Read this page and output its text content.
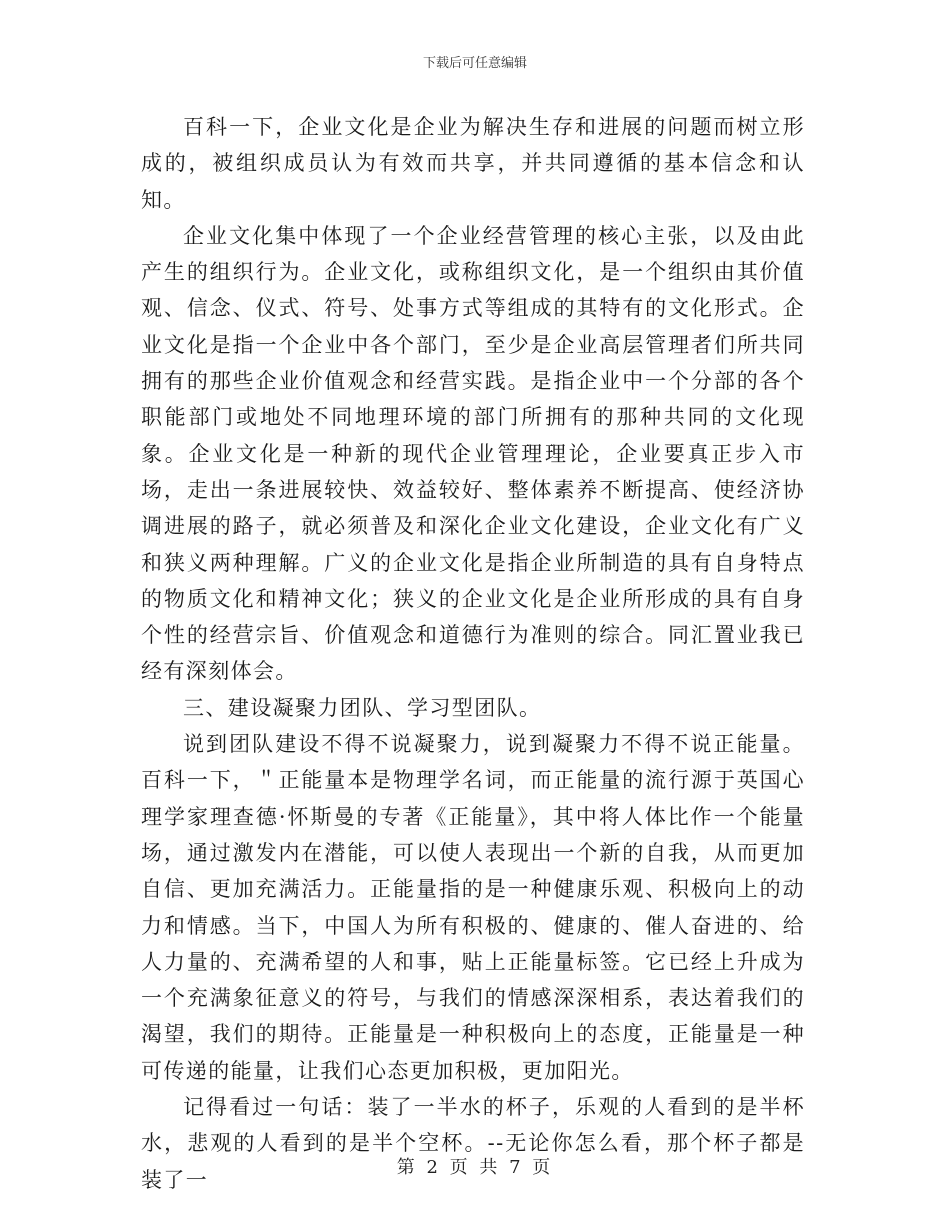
下载后可任意编辑

百科一下，企业文化是企业为解决生存和进展的问题而树立形成的，被组织成员认为有效而共享，并共同遵循的基本信念和认知。

企业文化集中体现了一个企业经营管理的核心主张，以及由此产生的组织行为。企业文化，或称组织文化，是一个组织由其价值观、信念、仪式、符号、处事方式等组成的其特有的文化形式。企业文化是指一个企业中各个部门，至少是企业高层管理者们所共同拥有的那些企业价值观念和经营实践。是指企业中一个分部的各个职能部门或地处不同地理环境的部门所拥有的那种共同的文化现象。企业文化是一种新的现代企业管理理论，企业要真正步入市场，走出一条进展较快、效益较好、整体素养不断提高、使经济协调进展的路子，就必须普及和深化企业文化建设，企业文化有广义和狭义两种理解。广义的企业文化是指企业所制造的具有自身特点的物质文化和精神文化；狭义的企业文化是企业所形成的具有自身个性的经营宗旨、价值观念和道德行为准则的综合。同汇置业我已经有深刻体会。

三、建设凝聚力团队、学习型团队。

说到团队建设不得不说凝聚力，说到凝聚力不得不说正能量。百科一下，＂正能量本是物理学名词，而正能量的流行源于英国心理学家理查德·怀斯曼的专著《正能量》，其中将人体比作一个能量场，通过激发内在潜能，可以使人表现出一个新的自我，从而更加自信、更加充满活力。正能量指的是一种健康乐观、积极向上的动力和情感。当下，中国人为所有积极的、健康的、催人奋进的、给人力量的、充满希望的人和事，贴上正能量标签。它已经上升成为一个充满象征意义的符号，与我们的情感深深相系，表达着我们的渴望，我们的期待。正能量是一种积极向上的态度，正能量是一种可传递的能量，让我们心态更加积极，更加阳光。

记得看过一句话：装了一半水的杯子，乐观的人看到的是半杯水，悲观的人看到的是半个空杯。--无论你怎么看，那个杯子都是装了一

第 2 页 共 7 页
